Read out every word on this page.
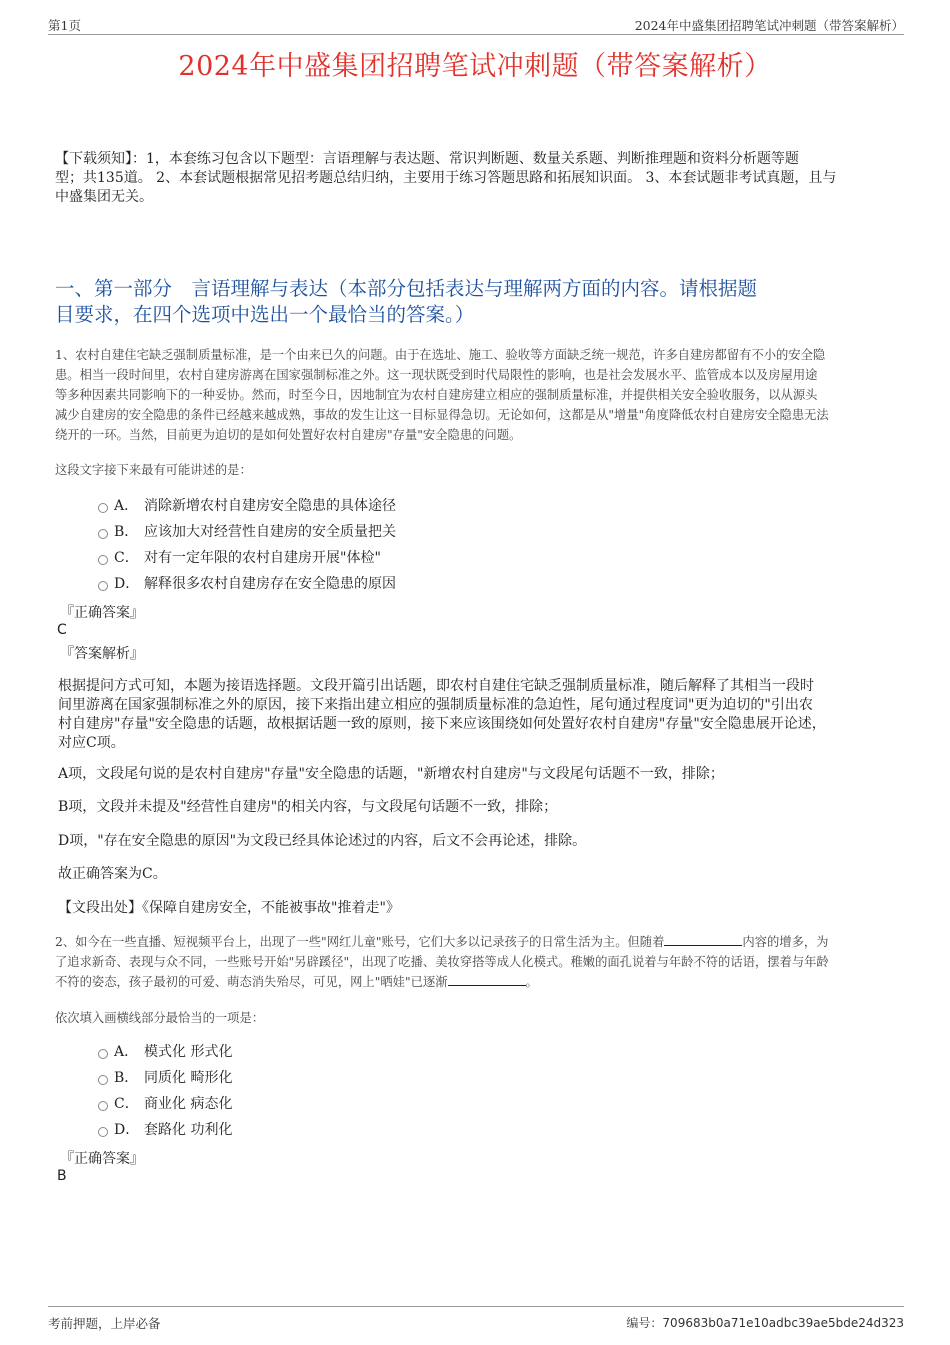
第1页	2024年中盛集团招聘笔试冲刺题（带答案解析）
2024年中盛集团招聘笔试冲刺题（带答案解析）
【下载须知】：1，本套练习包含以下题型：言语理解与表达题、常识判断题、数量关系题、判断推理题和资料分析题等题
型；共135道。 2、本套试题根据常见招考题总结归纳，主要用于练习答题思路和拓展知识面。 3、本套试题非考试真题，且与
中盛集团无关。
一、第一部分　言语理解与表达（本部分包括表达与理解两方面的内容。请根据题
目要求，在四个选项中选出一个最恰当的答案。）
1、农村自建住宅缺乏强制质量标准，是一个由来已久的问题。由于在选址、施工、验收等方面缺乏统一规范，许多自建房都留有不小的安全隐
患。相当一段时间里，农村自建房游离在国家强制标准之外。这一现状既受到时代局限性的影响，也是社会发展水平、监管成本以及房屋用途
等多种因素共同影响下的一种妥协。然而，时至今日，因地制宜为农村自建房建立相应的强制质量标准，并提供相关安全验收服务，以从源头
减少自建房的安全隐患的条件已经越来越成熟，事故的发生让这一目标显得急切。无论如何，这都是从"增量"角度降低农村自建房安全隐患无法
绕开的一环。当然，目前更为迫切的是如何处置好农村自建房"存量"安全隐患的问题。
这段文字接下来最有可能讲述的是：
A． 消除新增农村自建房安全隐患的具体途径
B． 应该加大对经营性自建房的安全质量把关
C． 对有一定年限的农村自建房开展"体检"
D． 解释很多农村自建房存在安全隐患的原因
『正确答案』
C
『答案解析』
根据提问方式可知，本题为接语选择题。文段开篇引出话题，即农村自建住宅缺乏强制质量标准，随后解释了其相当一段时
间里游离在国家强制标准之外的原因，接下来指出建立相应的强制质量标准的急迫性，尾句通过程度词"更为迫切的"引出农
村自建房"存量"安全隐患的话题，故根据话题一致的原则，接下来应该围绕如何处置好农村自建房"存量"安全隐患展开论述，
对应C项。
A项，文段尾句说的是农村自建房"存量"安全隐患的话题，"新增农村自建房"与文段尾句话题不一致，排除；
B项，文段并未提及"经营性自建房"的相关内容，与文段尾句话题不一致，排除；
D项，"存在安全隐患的原因"为文段已经具体论述过的内容，后文不会再论述，排除。
故正确答案为C。
【文段出处】《保障自建房安全，不能被事故"推着走"》
2、如今在一些直播、短视频平台上，出现了一些"网红儿童"账号，它们大多以记录孩子的日常生活为主。但随着	内容的增多，为
了追求新奇、表现与众不同，一些账号开始"另辟蹊径"，出现了吃播、美妆穿搭等成人化模式。稚嫩的面孔说着与年龄不符的话语，摆着与年龄
不符的姿态，孩子最初的可爱、萌态消失殆尽，可见，网上"晒娃"已逐渐	。
依次填入画横线部分最恰当的一项是：
A． 模式化 形式化
B． 同质化 畸形化
C． 商业化 病态化
D． 套路化 功利化
『正确答案』
B
考前押题，上岸必备	编号：709683b0a71e10adbc39ae5bde24d323
